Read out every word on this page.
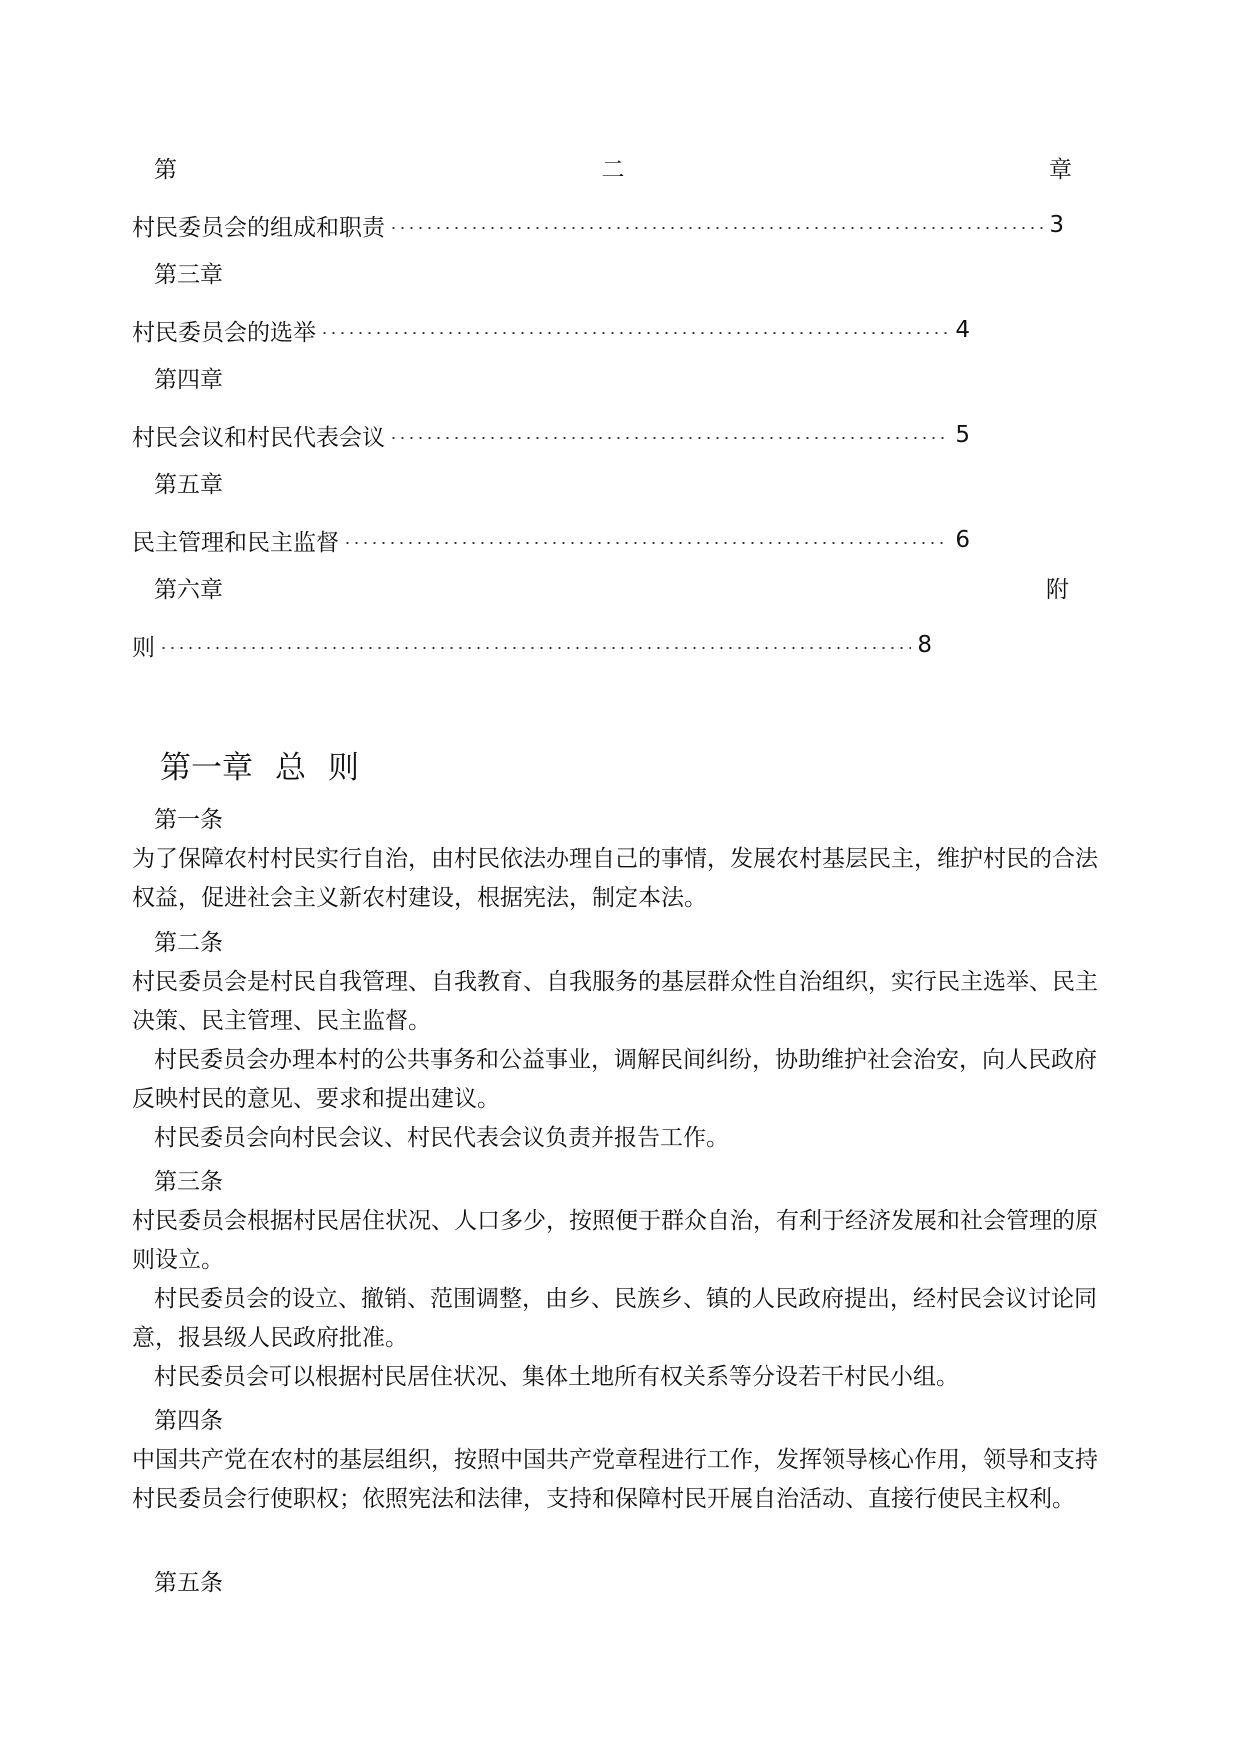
第	二	章
村民委员会的组成和职责	3
第三章
村民委员会的选举	4
第四章
村民会议和村民代表会议	5
第五章
民主管理和民主监督	6
第六章	附
则	8
第一章 总 则
第一条
为了保障农村村民实行自治，由村民依法办理自己的事情，发展农村基层民主，维护村民的合法权益，促进社会主义新农村建设，根据宪法，制定本法。
第二条
村民委员会是村民自我管理、自我教育、自我服务的基层群众性自治组织，实行民主选举、民主决策、民主管理、民主监督。
村民委员会办理本村的公共事务和公益事业，调解民间纠纷，协助维护社会治安，向人民政府反映村民的意见、要求和提出建议。
村民委员会向村民会议、村民代表会议负责并报告工作。
第三条
村民委员会根据村民居住状况、人口多少，按照便于群众自治，有利于经济发展和社会管理的原则设立。
村民委员会的设立、撤销、范围调整，由乡、民族乡、镇的人民政府提出，经村民会议讨论同意，报县级人民政府批准。
村民委员会可以根据村民居住状况、集体土地所有权关系等分设若干村民小组。
第四条
中国共产党在农村的基层组织，按照中国共产党章程进行工作，发挥领导核心作用，领导和支持村民委员会行使职权；依照宪法和法律，支持和保障村民开展自治活动、直接行使民主权利。
第五条
